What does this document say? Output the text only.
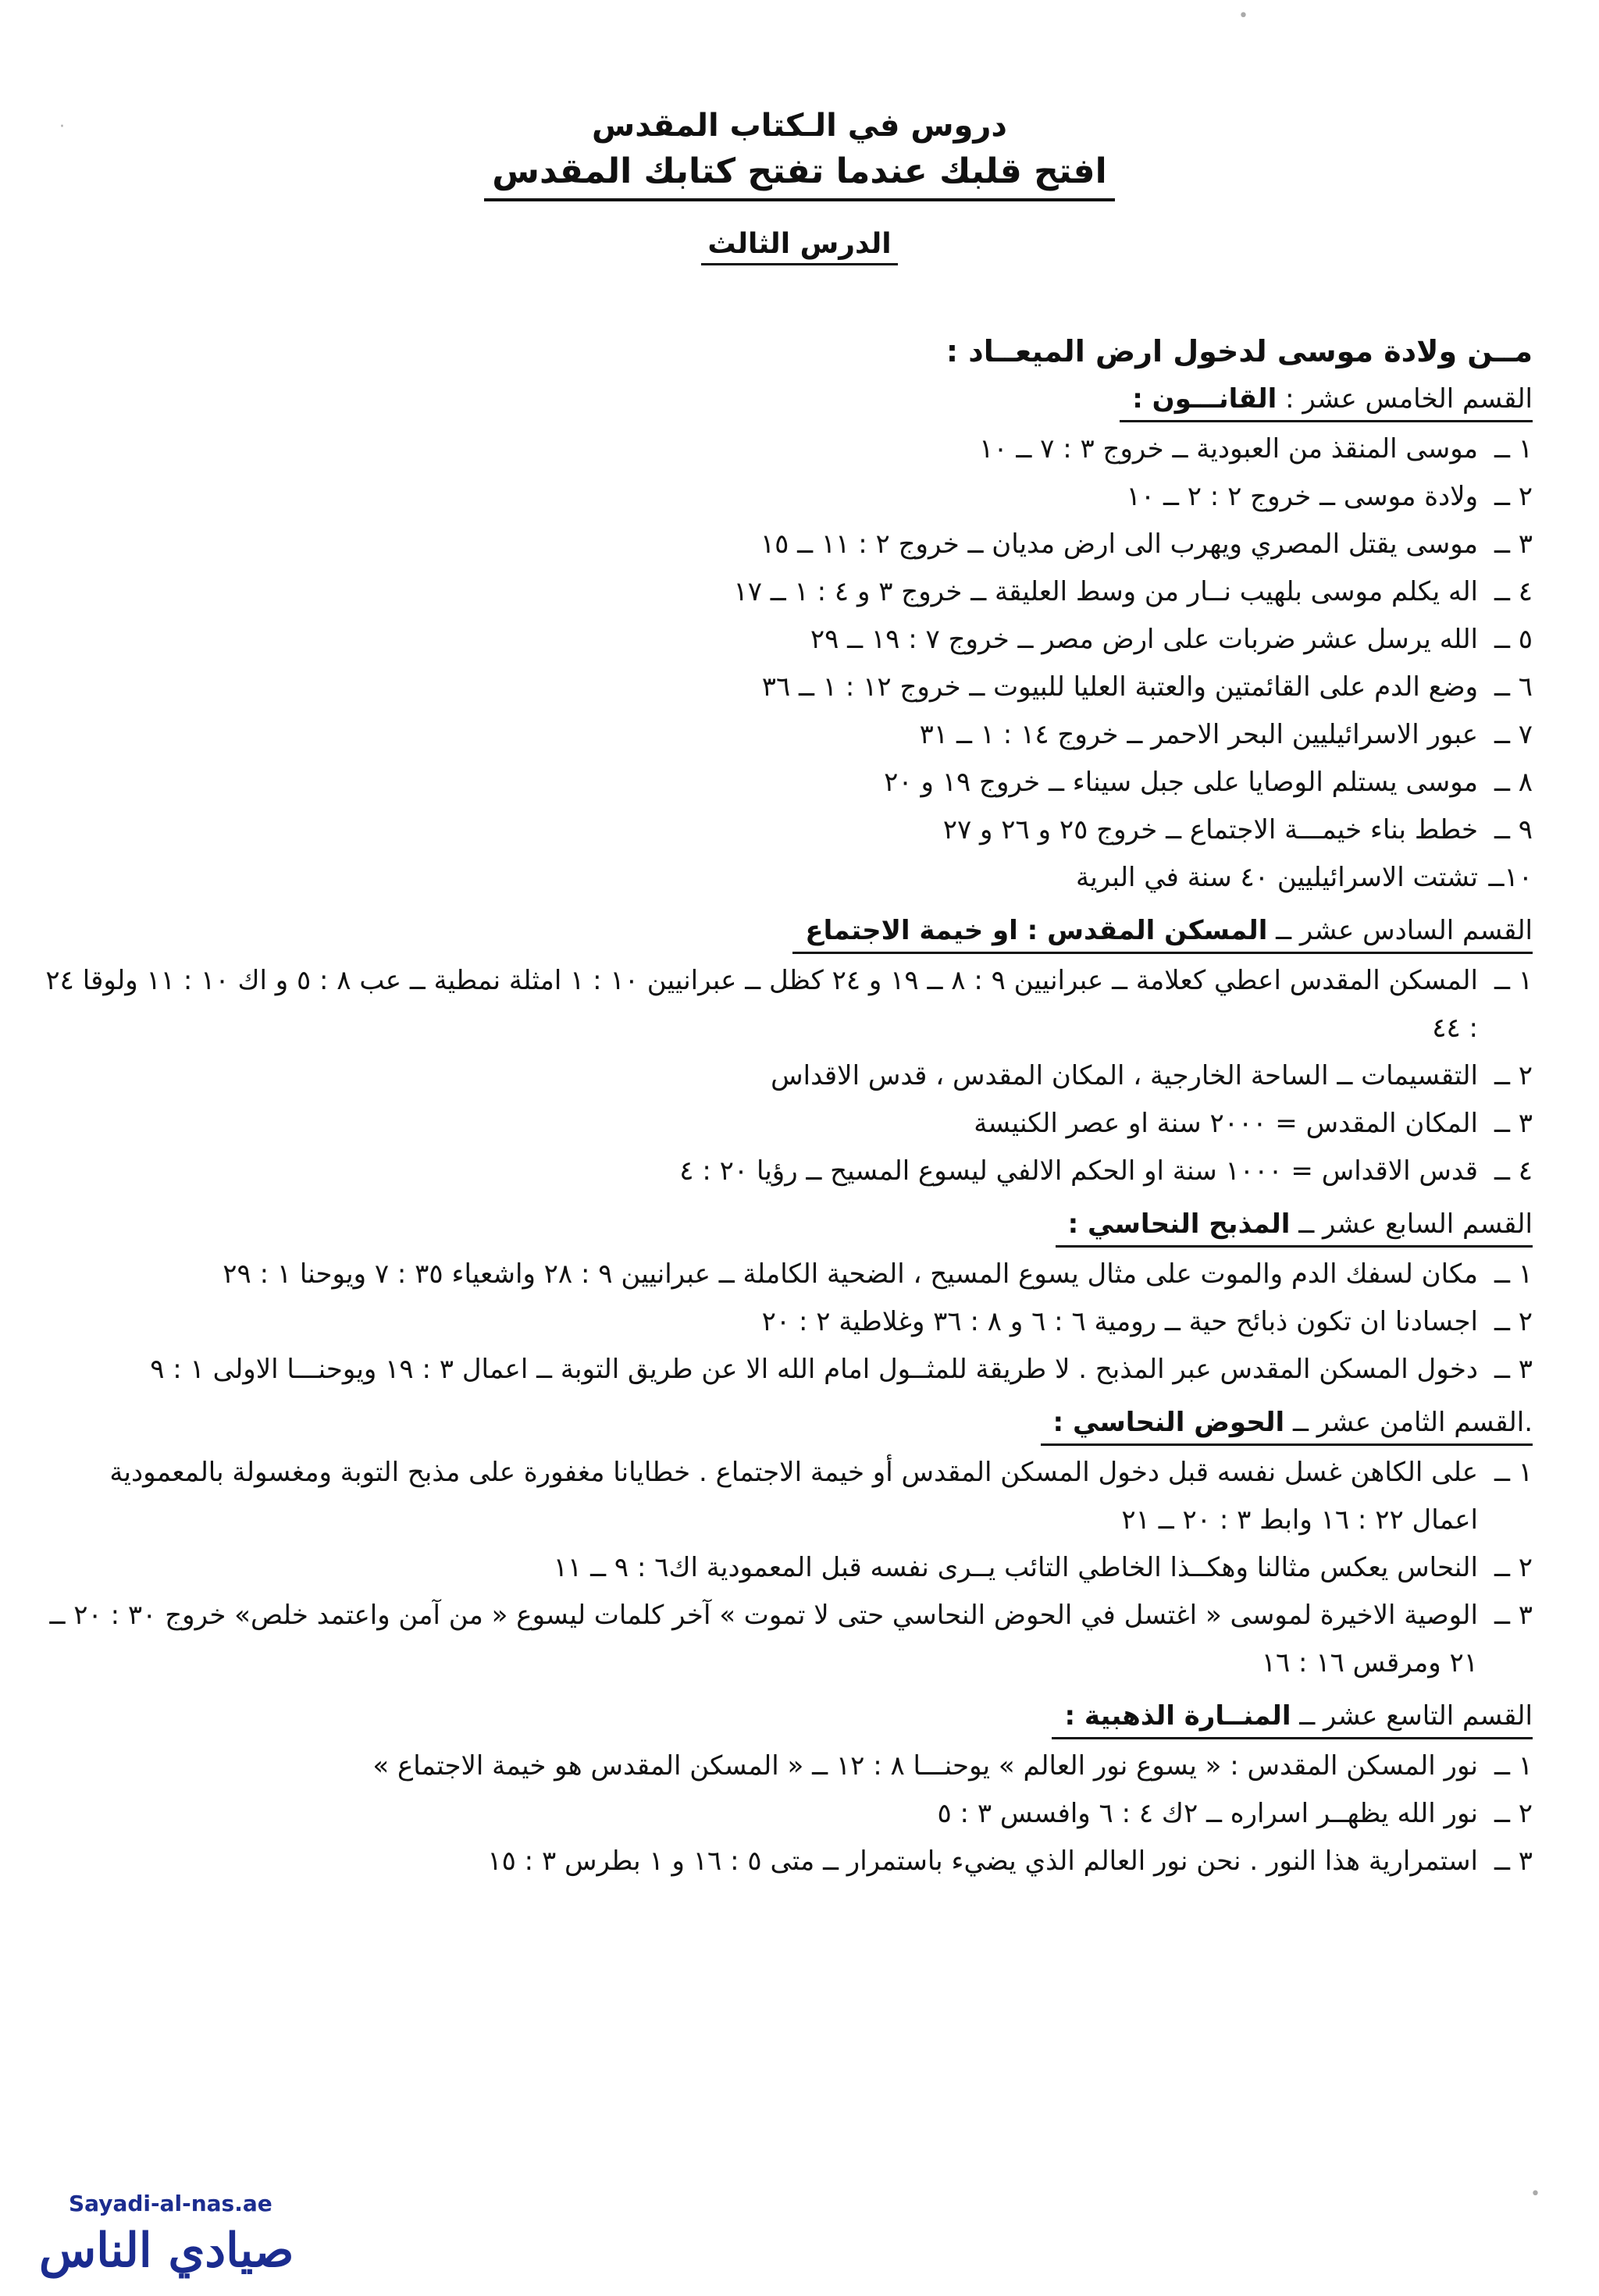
دروس في الـكتاب المقدس
افتح قلبك عندما تفتح كتابك المقدس
الدرس الثالث
مــن ولادة موسى لدخول ارض الميعــاد :
القسم الخامس عشر : القانـــون :
١ ــ
موسى المنقذ من العبودية ــ خروج ٣ : ٧ ــ ١٠
٢ ــ
ولادة موسى ــ خروج ٢ : ٢ ــ ١٠
٣ ــ
موسى يقتل المصري ويهرب الى ارض مديان ــ خروج ٢ : ١١ ــ ١٥
٤ ــ
اله يكلم موسى بلهيب نــار من وسط العليقة ــ خروج ٣ و ٤ : ١ ــ ١٧
٥ ــ
الله يرسل عشر ضربات على ارض مصر ــ خروج ٧ : ١٩ ــ ٢٩
٦ ــ
وضع الدم على القائمتين والعتبة العليا للبيوت ــ خروج ١٢ : ١ ــ ٣٦
٧ ــ
عبور الاسرائيليين البحر الاحمر ــ خروج ١٤ : ١ ــ ٣١
٨ ــ
موسى يستلم الوصايا على جبل سيناء ــ خروج ١٩ و ٢٠
٩ ــ
خطط بناء خيمـــة الاجتماع ــ خروج ٢٥ و ٢٦ و ٢٧
١٠ــ
تشتت الاسرائيليين ٤٠ سنة في البرية
القسم السادس عشر ــ المسكن المقدس : او خيمة الاجتماع
١ ــ
المسكن المقدس اعطي كعلامة ــ عبرانيين ٩ : ٨ ــ ١٩ و ٢٤ كظل ــ عبرانيين ١٠ : ١ امثلة نمطية ــ عب ٨ : ٥ و اك ١٠ : ١١ ولوقا ٢٤ : ٤٤
٢ ــ
التقسيمات ــ الساحة الخارجية ، المكان المقدس ، قدس الاقداس
٣ ــ
المكان المقدس = ٢٠٠٠ سنة او عصر الكنيسة
٤ ــ
قدس الاقداس = ١٠٠٠ سنة او الحكم الالفي ليسوع المسيح ــ رؤيا ٢٠ : ٤
القسم السابع عشر ــ المذبح النحاسي :
١ ــ
مكان لسفك الدم والموت على مثال يسوع المسيح ، الضحية الكاملة ــ عبرانيين ٩ : ٢٨ واشعياء ٣٥ : ٧ ويوحنا ١ : ٢٩
٢ ــ
اجسادنا ان تكون ذبائح حية ــ رومية ٦ : ٦ و ٨ : ٣٦ وغلاطية ٢ : ٢٠
٣ ــ
دخول المسكن المقدس عبر المذبح . لا طريقة للمثــول امام الله الا عن طريق التوبة ــ اعمال ٣ : ١٩ ويوحنـــا الاولى ١ : ٩
.القسم الثامن عشر ــ الحوض النحاسي :
١ ــ
على الكاهن غسل نفسه قبل دخول المسكن المقدس أو خيمة الاجتماع . خطايانا مغفورة على مذبح التوبة ومغسولة بالمعمودية اعمال ٢٢ : ١٦ وابط ٣ : ٢٠ ــ ٢١
٢ ــ
النحاس يعكس مثالنا وهكــذا الخاطي التائب يــرى نفسه قبل المعمودية اك٦ : ٩ ــ ١١
٣ ــ
الوصية الاخيرة لموسى « اغتسل في الحوض النحاسي حتى لا تموت » آخر كلمات ليسوع « من آمن واعتمد خلص» خروج ٣٠ : ٢٠ ــ ٢١ ومرقس ١٦ : ١٦
القسم التاسع عشر ــ المنــارة الذهبية :
١ ــ
نور المسكن المقدس : « يسوع نور العالم » يوحنـــا ٨ : ١٢ ــ « المسكن المقدس هو خيمة الاجتماع »
٢ ــ
نور الله يظهــر اسراره ــ ٢ك ٤ : ٦ وافسس ٣ : ٥
٣ ــ
استمرارية هذا النور . نحن نور العالم الذي يضيء باستمرار ــ متى ٥ : ١٦ و ١ بطرس ٣ : ١٥
•
·
•
Sayadi-al-nas.ae
صيادي الناس
